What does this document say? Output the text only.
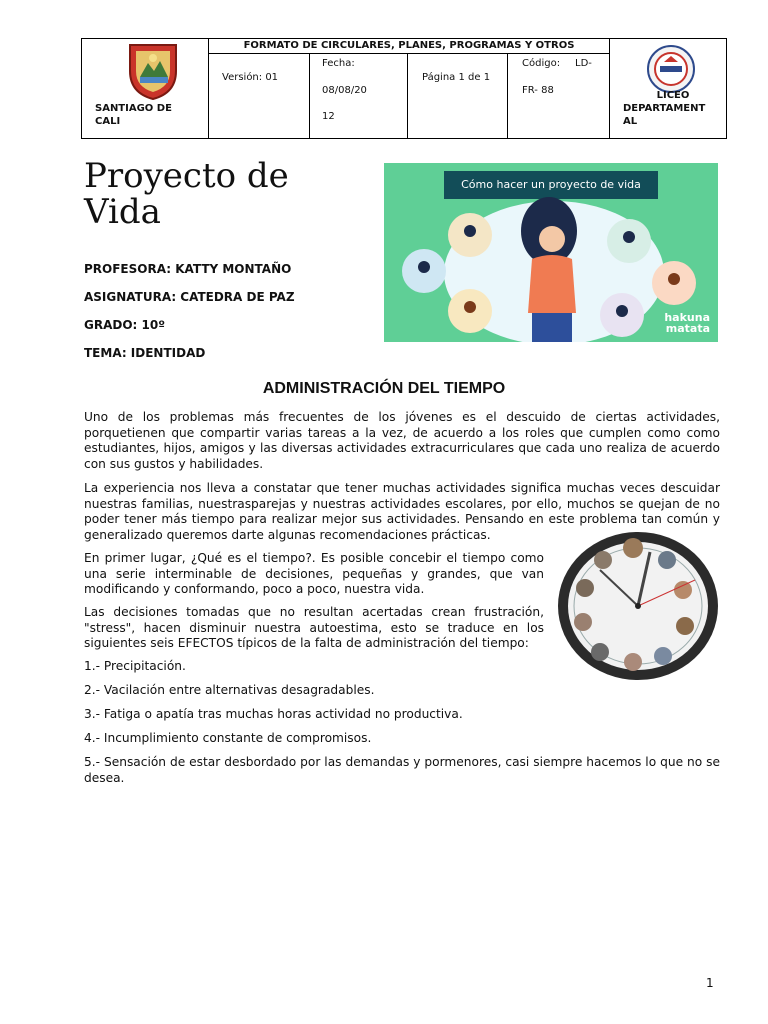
FORMATO DE CIRCULARES, PLANES, PROGRAMAS Y OTROS
SANTIAGO DE CALI
Versión: 01
Fecha:
08/08/20
12
Página 1 de 1
Código: LD-
FR- 88	LICEO
DEPARTAMENT
AL
Proyecto de
Vida
PROFESORA: KATTY MONTAÑO
ASIGNATURA: CATEDRA DE PAZ
GRADO: 10º
TEMA: IDENTIDAD
Cómo hacer un proyecto de vida
hakuna
matata
ADMINISTRACIÓN DEL TIEMPO
Uno de los problemas más frecuentes de los jóvenes es el descuido de ciertas actividades, porquetienen que compartir varias tareas a la vez, de acuerdo a los roles que cumplen como como estudiantes, hijos, amigos y las diversas actividades extracurriculares que cada uno realiza de acuerdo con sus gustos y habilidades.
La experiencia nos lleva a constatar que tener muchas actividades significa muchas veces descuidar nuestras familias, nuestrasparejas y nuestras actividades escolares, por ello, muchos se quejan de no poder tener más tiempo para realizar mejor sus actividades. Pensando en este problema tan común y generalizado queremos darte algunas recomendaciones prácticas.
En primer lugar, ¿Qué es el tiempo?. Es posible concebir el tiempo como una serie interminable de decisiones, pequeñas y grandes, que van modificando y conformando, poco a poco, nuestra vida.
Las decisiones tomadas que no resultan acertadas crean frustración, "stress", hacen disminuir nuestra autoestima, esto se traduce en los siguientes seis EFECTOS típicos de la falta de administración del tiempo:
1.- Precipitación.
2.- Vacilación entre alternativas desagradables.
3.- Fatiga o apatía tras muchas horas actividad no productiva.
4.- Incumplimiento constante de compromisos.
5.- Sensación de estar desbordado por las demandas y pormenores, casi siempre hacemos lo que no se desea.
1
